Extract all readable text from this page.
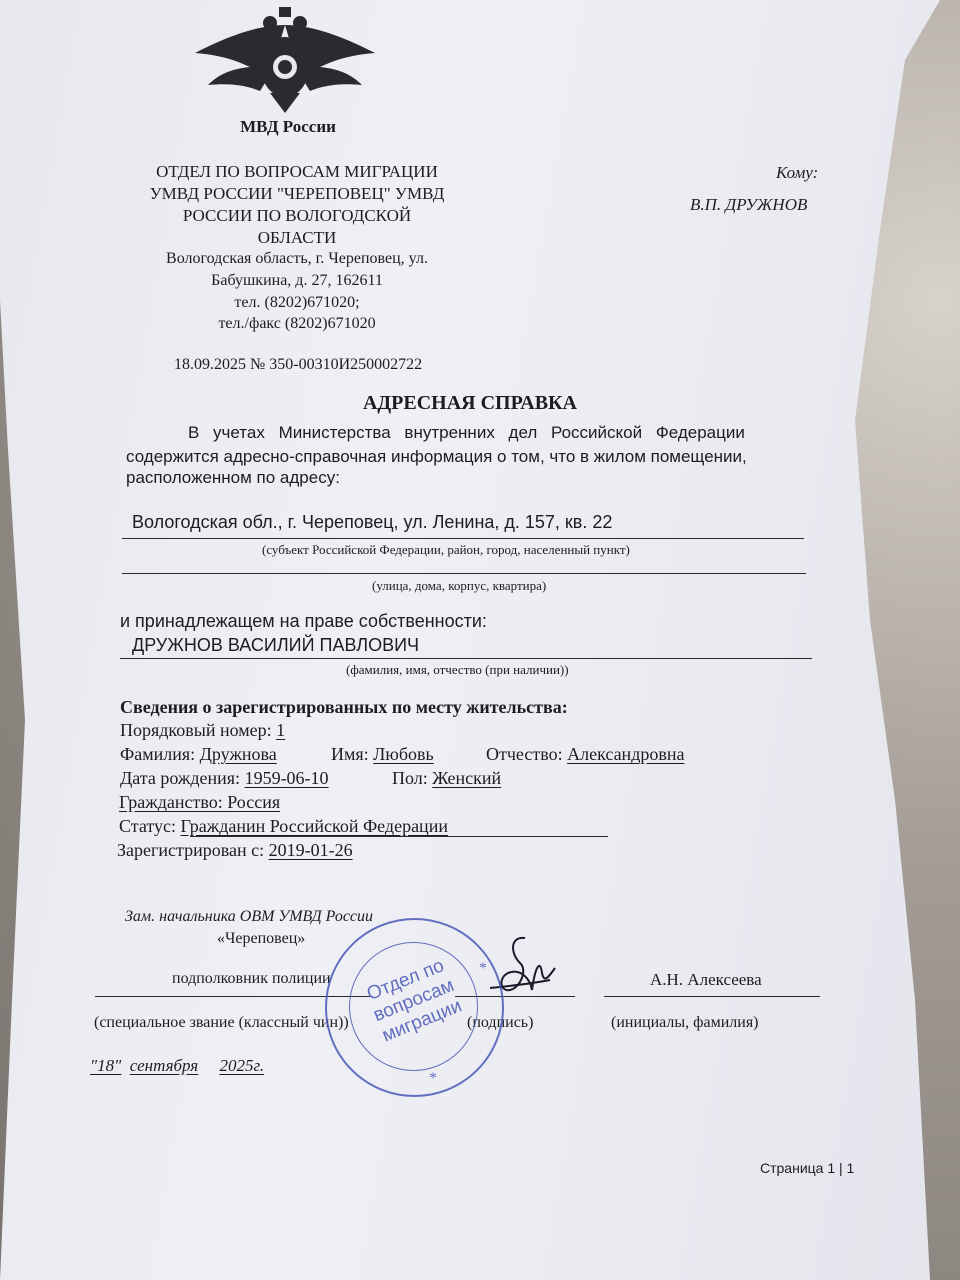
МВД России
ОТДЕЛ ПО ВОПРОСАМ МИГРАЦИИ
УМВД РОССИИ "ЧЕРЕПОВЕЦ" УМВД
РОССИИ ПО ВОЛОГОДСКОЙ
ОБЛАСТИ
Вологодская область, г. Череповец, ул.
Бабушкина, д. 27, 162611
тел. (8202)671020;
тел./факс (8202)671020
18.09.2025 № 350-00310И250002722
Кому:
В.П. ДРУЖНОВ
АДРЕСНАЯ СПРАВКА
В учетах Министерства внутренних дел Российской Федерации
содержится адресно-справочная информация о том, что в жилом помещении,
расположенном по адресу:
Вологодская обл., г. Череповец, ул. Ленина, д. 157, кв. 22
(субъект Российской Федерации, район, город, населенный пункт)
(улица, дома, корпус, квартира)
и принадлежащем на праве собственности:
ДРУЖНОВ ВАСИЛИЙ ПАВЛОВИЧ
(фамилия, имя, отчество (при наличии))
Сведения о зарегистрированных по месту жительства:
Порядковый номер: 1
Фамилия: Дружнова	Имя: Любовь	Отчество: Александровна
Дата рождения: 1959-06-10	Пол: Женский
Гражданство: Россия
Статус: Гражданин Российской Федерации
Зарегистрирован с: 2019-01-26
Зам. начальника ОВМ УМВД России
«Череповец»
подполковник полиции	А.Н. Алексеева
(специальное звание (классный чин))	(подпись)	(инициалы, фамилия)
"18" сентября 2025г.
Отдел по вопросам миграции
*
*
Страница 1 | 1
